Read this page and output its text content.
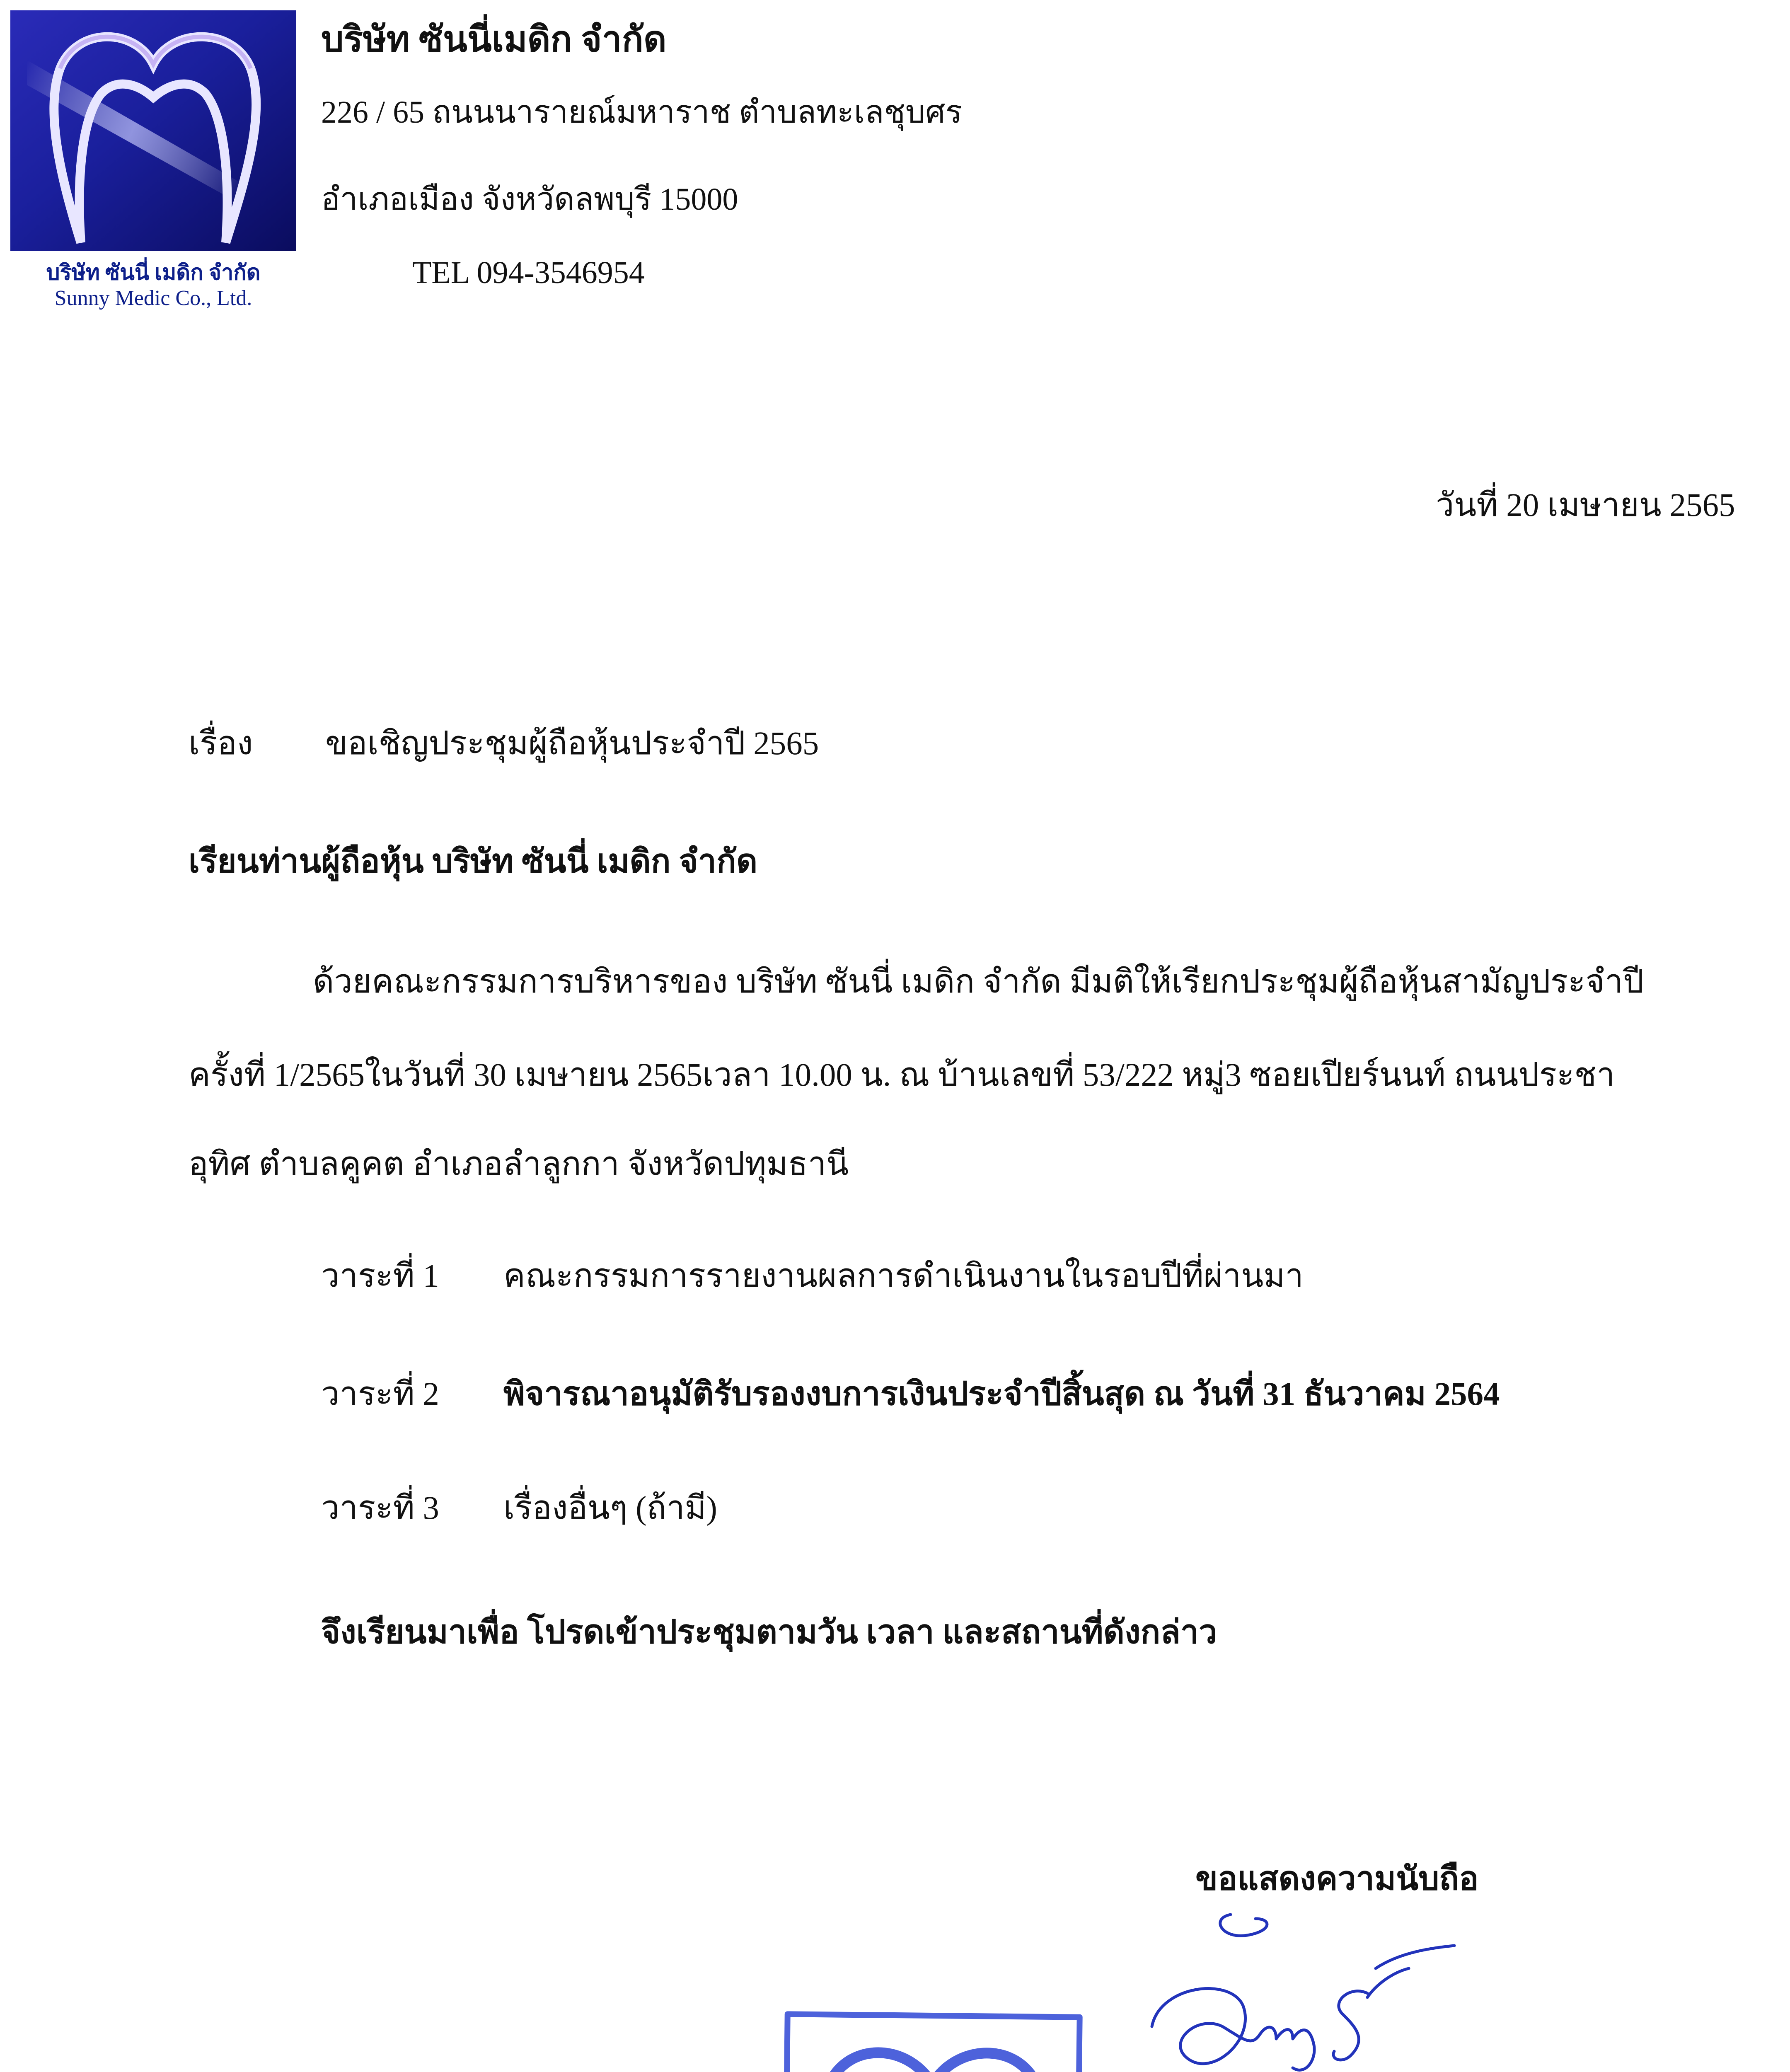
บริษัท ซันนี่ เมดิก จำกัด
Sunny Medic Co., Ltd.
บริษัท ซันนี่เมดิก จำกัด
226 / 65 ถนนนารายณ์มหาราช ตำบลทะเลชุบศร
อำเภอเมือง จังหวัดลพบุรี 15000
TEL 094-3546954
วันที่ 20 เมษายน 2565
เรื่อง ขอเชิญประชุมผู้ถือหุ้นประจำปี 2565
เรียนท่านผู้ถือหุ้น บริษัท ซันนี่ เมดิก จำกัด
ด้วยคณะกรรมการบริหารของ บริษัท ซันนี่ เมดิก จำกัด มีมติให้เรียกประชุมผู้ถือหุ้นสามัญประจำปี
ครั้งที่ 1/2565ในวันที่ 30 เมษายน 2565เวลา 10.00 น. ณ บ้านเลขที่ 53/222 หมู่3 ซอยเปียร์นนท์ ถนนประชา
อุทิศ ตำบลคูคต อำเภอลำลูกกา จังหวัดปทุมธานี
วาระที่ 1 คณะกรรมการรายงานผลการดำเนินงานในรอบปีที่ผ่านมา
วาระที่ 2 พิจารณาอนุมัติรับรองงบการเงินประจำปีสิ้นสุด ณ วันที่ 31 ธันวาคม 2564
วาระที่ 3 เรื่องอื่นๆ (ถ้ามี)
จึงเรียนมาเพื่อ โปรดเข้าประชุมตามวัน เวลา และสถานที่ดังกล่าว
ขอแสดงความนับถือ
